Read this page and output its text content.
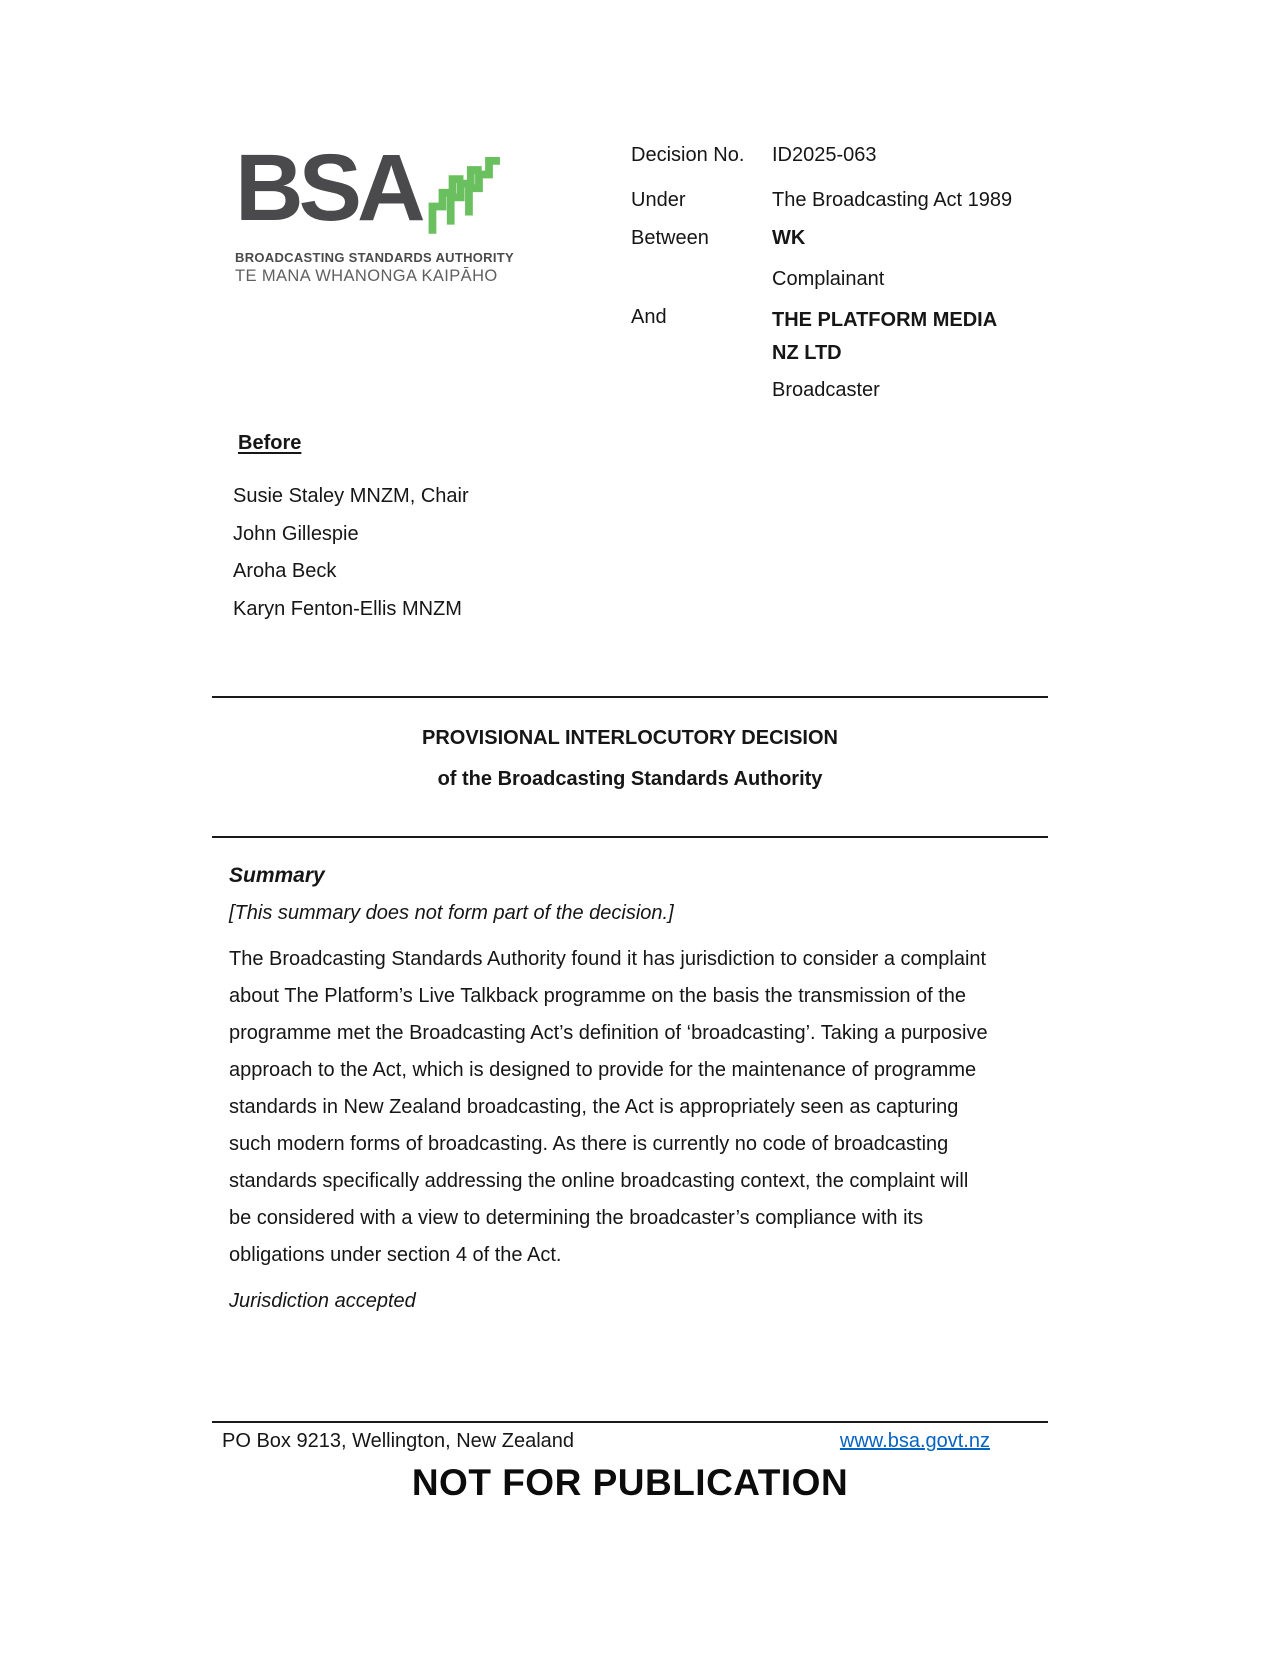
BSA
BROADCASTING STANDARDS AUTHORITY
TE MANA WHANONGA KAIPĀHO
Decision No.	ID2025-063
Under	The Broadcasting Act 1989
Between	WK
Complainant
And	THE PLATFORM MEDIA NZ LTD
Broadcaster
Before
Susie Staley MNZM, Chair
John Gillespie
Aroha Beck
Karyn Fenton-Ellis MNZM
PROVISIONAL INTERLOCUTORY DECISION
of the Broadcasting Standards Authority
Summary
[This summary does not form part of the decision.]

The Broadcasting Standards Authority found it has jurisdiction to consider a complaint about The Platform’s Live Talkback programme on the basis the transmission of the programme met the Broadcasting Act’s definition of ‘broadcasting’. Taking a purposive approach to the Act, which is designed to provide for the maintenance of programme standards in New Zealand broadcasting, the Act is appropriately seen as capturing such modern forms of broadcasting. As there is currently no code of broadcasting standards specifically addressing the online broadcasting context, the complaint will be considered with a view to determining the broadcaster’s compliance with its obligations under section 4 of the Act.

Jurisdiction accepted
PO Box 9213, Wellington, New Zealand	www.bsa.govt.nz
NOT FOR PUBLICATION
